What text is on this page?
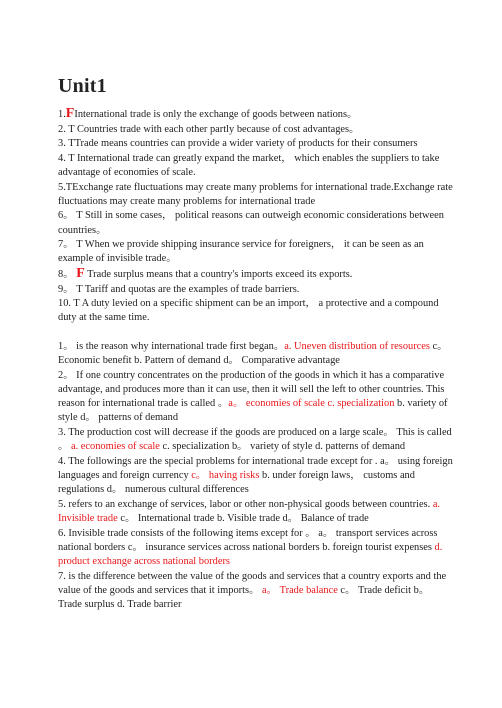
Unit1
1.FInternational trade is only the exchange of goods between nations。
2. T Countries trade with each other partly because of cost advantages。
3. TTrade means countries can provide a wider variety of products for their consumers
4. T International trade can greatly expand the market， which enables the suppliers to take advantage of economies of scale.
5.TExchange rate fluctuations may create many problems for international trade.Exchange rate fluctuations may create many problems for international trade
6。 T Still in some cases， political reasons can outweigh economic considerations between countries。
7。 T When we provide shipping insurance service for foreigners， it can be seen as an example of invisible trade。
8。 F Trade surplus means that a country's imports exceed its exports.
9。 T Tariff and quotas are the examples of trade barriers.
10. T A duty levied on a specific shipment can be an import， a protective and a compound duty at the same time.
1。 is the reason why international trade first began。a. Uneven distribution of resources c。 Economic benefit b. Pattern of demand d。 Comparative advantage
2。 If one country concentrates on the production of the goods in which it has a comparative advantage, and produces more than it can use, then it will sell the left to other countries. This reason for international trade is called 。a。 economies of scale c. specialization b. variety of style d。 patterns of demand
3. The production cost will decrease if the goods are produced on a large scale。 This is called 。 a. economies of scale c. specialization b。 variety of style d. patterns of demand
4. The followings are the special problems for international trade except for . a。 using foreign languages and foreign currency c。 having risks b. under foreign laws， customs and regulations d。 numerous cultural differences
5. refers to an exchange of services, labor or other non-physical goods between countries. a. Invisible trade c。 International trade b. Visible trade d。 Balance of trade
6. Invisible trade consists of the following items except for 。 a。 transport services across national borders c。 insurance services across national borders b. foreign tourist expenses d. product exchange across national borders
7. is the difference between the value of the goods and services that a country exports and the value of the goods and services that it imports。 a。 Trade balance c。 Trade deficit b。 Trade surplus d. Trade barrier
